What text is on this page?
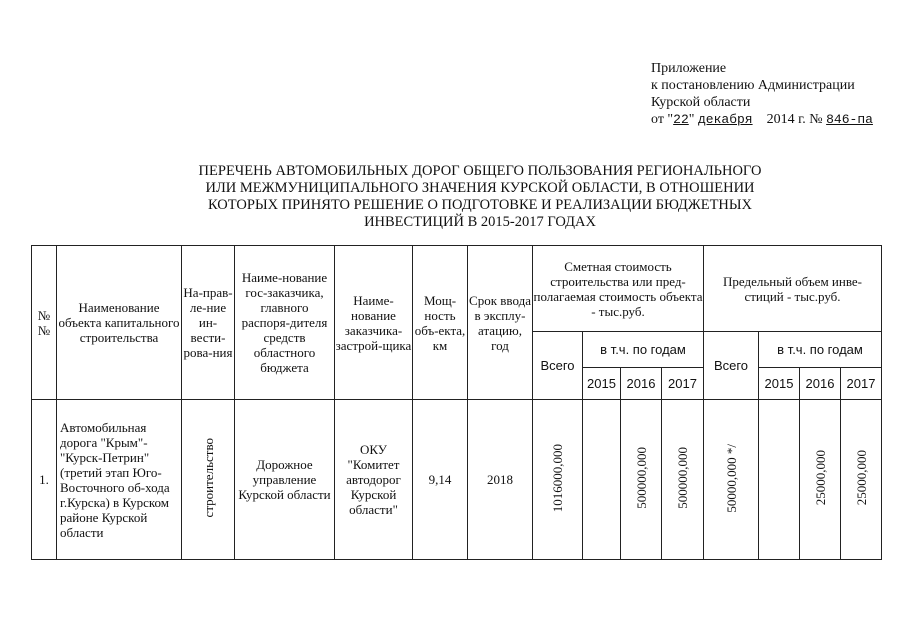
Приложение
к постановлению Администрации
Курской области
от "22" декабря 2014 г. № 846-па
ПЕРЕЧЕНЬ АВТОМОБИЛЬНЫХ ДОРОГ ОБЩЕГО ПОЛЬЗОВАНИЯ РЕГИОНАЛЬНОГО
ИЛИ МЕЖМУНИЦИПАЛЬНОГО ЗНАЧЕНИЯ КУРСКОЙ ОБЛАСТИ, В ОТНОШЕНИИ
КОТОРЫХ ПРИНЯТО РЕШЕНИЕ О ПОДГОТОВКЕ И РЕАЛИЗАЦИИ БЮДЖЕТНЫХ
ИНВЕСТИЦИЙ В 2015-2017 ГОДАХ
№ №	Наименование объекта капитального строительства	На-прав-ле-ние ин-вести-рова-ния	Наиме-нование гос-заказчика, главного распоря-дителя средств областного бюджета	Наиме-нование заказчика-застрой-щика	Мощ-ность объ-екта, км	Срок ввода в эксплу-атацию, год	Сметная стоимость строительства или пред-полагаемая стоимость объекта - тыс.руб.				Предельный объем инве-стиций - тыс.руб.			
							Всего	в т.ч. по годам			Всего	в т.ч. по годам		
								2015	2016	2017		2015	2016	2017
1.	Автомобильная дорога "Крым"-"Курск-Петрин"(третий этап Юго-Восточного об-хода г.Курска) в Курском районе Курской области	строительство	Дорожное управление Курской области	ОКУ "Комитет автодорог Курской области"	9,14	2018	1016000,000		500000,000	500000,000	50000,000 */		25000,000	25000,000
